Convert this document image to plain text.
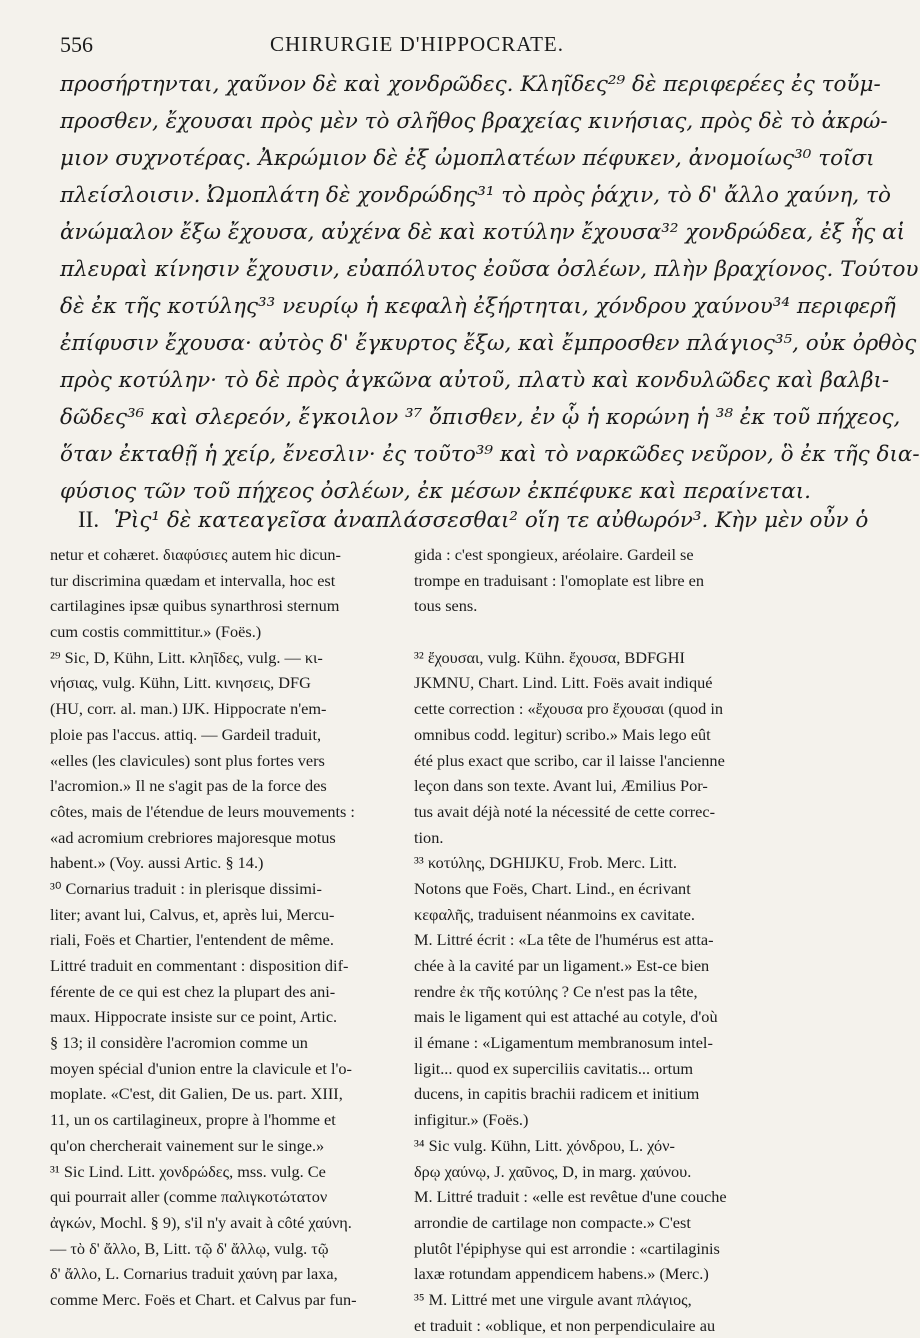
556	CHIRURGIE D'HIPPOCRATE.
προσήρτηνται, χαῦνον δὲ καὶ χονδρῶδες. Κληῖδες²⁹ δὲ περιφερέες ἐς τοὔμ-
προσθεν, ἔχουσαι πρὸς μὲν τὸ σλῆθος βραχείας κινήσιας, πρὸς δὲ τὸ ἀκρώ-
μιον συχνοτέρας. Ἀκρώμιον δὲ ἐξ ὠμοπλατέων πέφυκεν, ἀνομοίως³⁰ τοῖσι
πλείσλοισιν. Ὠμοπλάτη δὲ χονδρώδης³¹ τὸ πρὸς ῥάχιν, τὸ δ' ἄλλο χαύνη, τὸ
ἀνώμαλον ἔξω ἔχουσα, αὐχένα δὲ καὶ κοτύλην ἔχουσα³² χονδρώδεα, ἐξ ἧς αἱ
πλευραὶ κίνησιν ἔχουσιν, εὐαπόλυτος ἐοῦσα ὀσλέων, πλὴν βραχίονος. Τούτου
δὲ ἐκ τῆς κοτύλης³³ νευρίῳ ἡ κεφαλὴ ἐξήρτηται, χόνδρου χαύνου³⁴ περιφερῆ
ἐπίφυσιν ἔχουσα· αὐτὸς δ' ἔγκυρτος ἔξω, καὶ ἔμπροσθεν πλάγιος³⁵, οὐκ ὀρθὸς
πρὸς κοτύλην· τὸ δὲ πρὸς ἀγκῶνα αὐτοῦ, πλατὺ καὶ κονδυλῶδες καὶ βαλβι-
δῶδες³⁶ καὶ σλερεόν, ἔγκοιλον ³⁷ ὄπισθεν, ἐν ᾧ ἡ κορώνη ἡ ³⁸ ἐκ τοῦ πήχεος,
ὅταν ἐκταθῇ ἡ χείρ, ἔνεσλιν· ἐς τοῦτο³⁹ καὶ τὸ ναρκῶδες νεῦρον, ὃ ἐκ τῆς δια-
φύσιος τῶν τοῦ πήχεος ὀσλέων, ἐκ μέσων ἐκπέφυκε καὶ περαίνεται.
II. Ῥὶς¹ δὲ κατεαγεῖσα ἀναπλάσσεσθαι² οἵη τε αὐθωρόν³. Κὴν μὲν οὖν ὁ
netur et cohæret. διαφύσιες autem hic dicun-
tur discrimina quædam et intervalla, hoc est
cartilagines ipsæ quibus synarthrosi sternum
cum costis committitur.» (Foës.)
²⁹ Sic, D, Kühn, Litt. κληῖδες, vulg. — κι-
νήσιας, vulg. Kühn, Litt. κινησεις, DFG
(HU, corr. al. man.) IJK. Hippocrate n'em-
ploie pas l'accus. attiq. — Gardeil traduit,
«elles (les clavicules) sont plus fortes vers
l'acromion.» Il ne s'agit pas de la force des
côtes, mais de l'étendue de leurs mouvements :
«ad acromium crebriores majoresque motus
habent.» (Voy. aussi Artic. § 14.)
³⁰ Cornarius traduit : in plerisque dissimi-
liter; avant lui, Calvus, et, après lui, Mercu-
riali, Foës et Chartier, l'entendent de même.
Littré traduit en commentant : disposition dif-
férente de ce qui est chez la plupart des ani-
maux. Hippocrate insiste sur ce point, Artic.
§ 13; il considère l'acromion comme un
moyen spécial d'union entre la clavicule et l'o-
moplate. «C'est, dit Galien, De us. part. XIII,
11, un os cartilagineux, propre à l'homme et
qu'on chercherait vainement sur le singe.»
³¹ Sic Lind. Litt. χονδρώδες, mss. vulg. Ce
qui pourrait aller (comme παλιγκοτώτατον
ἀγκών, Mochl. § 9), s'il n'y avait à côté χαύνη.
— τὸ δ' ἄλλο, B, Litt. τῷ δ' ἄλλῳ, vulg. τῷ
δ' ἄλλο, L. Cornarius traduit χαύνη par laxa,
comme Merc. Foës et Chart. et Calvus par fun-
gida : c'est spongieux, aréolaire. Gardeil se
trompe en traduisant : l'omoplate est libre en
tous sens.
³² ἔχουσαι, vulg. Kühn. ἔχουσα, BDFGHI
JKMNU, Chart. Lind. Litt. Foës avait indiqué
cette correction : «ἔχουσα pro ἔχουσαι (quod in
omnibus codd. legitur) scribo.» Mais lego eût
été plus exact que scribo, car il laisse l'ancienne
leçon dans son texte. Avant lui, Æmilius Por-
tus avait déjà noté la nécessité de cette correc-
tion.
³³ κοτύλης, DGHIJKU, Frob. Merc. Litt.
Notons que Foës, Chart. Lind., en écrivant
κεφαλῆς, traduisent néanmoins ex cavitate.
M. Littré écrit : «La tête de l'humérus est atta-
chée à la cavité par un ligament.» Est-ce bien
rendre ἐκ τῆς κοτύλης ? Ce n'est pas la tête,
mais le ligament qui est attaché au cotyle, d'où
il émane : «Ligamentum membranosum intel-
ligit... quod ex superciliis cavitatis... ortum
ducens, in capitis brachii radicem et initium
infigitur.» (Foës.)
³⁴ Sic vulg. Kühn, Litt. χόνδρου, L. χόν-
δρῳ χαύνῳ, J. χαῦνος, D, in marg. χαύνου.
M. Littré traduit : «elle est revêtue d'une couche
arrondie de cartilage non compacte.» C'est
plutôt l'épiphyse qui est arrondie : «cartilaginis
laxæ rotundam appendicem habens.» (Merc.)
³⁵ M. Littré met une virgule avant πλάγιος,
et traduit : «oblique, et non perpendiculaire au
